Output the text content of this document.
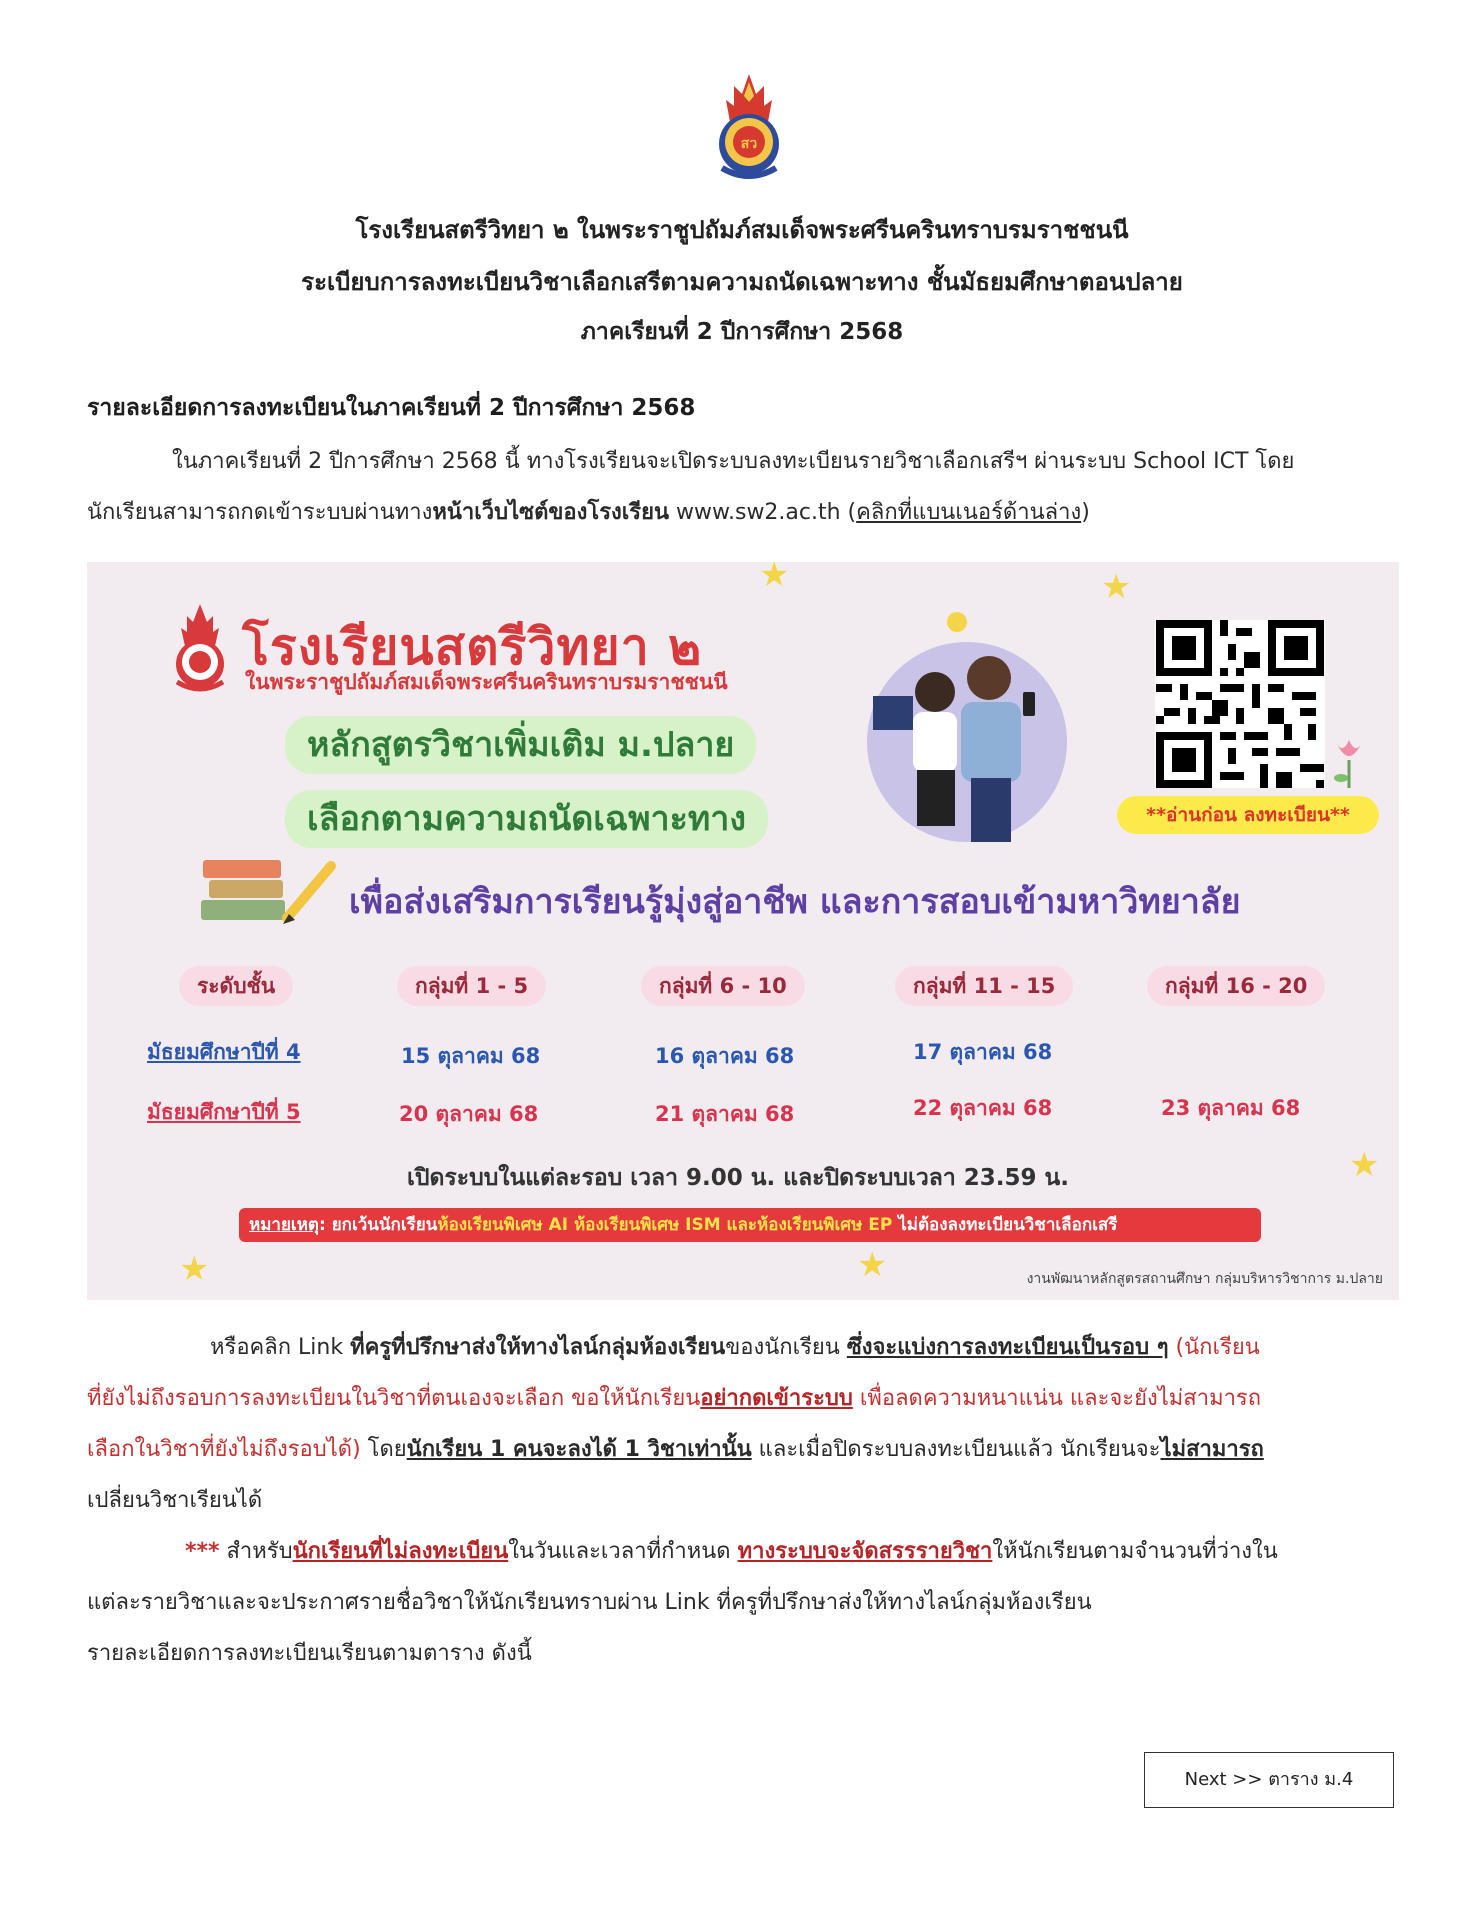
สว
โรงเรียนสตรีวิทยา ๒ ในพระราชูปถัมภ์สมเด็จพระศรีนครินทราบรมราชชนนี
ระเบียบการลงทะเบียนวิชาเลือกเสรีตามความถนัดเฉพาะทาง ชั้นมัธยมศึกษาตอนปลาย
ภาคเรียนที่ 2 ปีการศึกษา 2568
รายละเอียดการลงทะเบียนในภาคเรียนที่ 2 ปีการศึกษา 2568
ในภาคเรียนที่ 2 ปีการศึกษา 2568 นี้ ทางโรงเรียนจะเปิดระบบลงทะเบียนรายวิชาเลือกเสรีฯ ผ่านระบบ School ICT โดย
นักเรียนสามารถกดเข้าระบบผ่านทางหน้าเว็บไซต์ของโรงเรียน www.sw2.ac.th (คลิกที่แบนเนอร์ด้านล่าง)
★	★
★
★	★
โรงเรียนสตรีวิทยา ๒
ในพระราชูปถัมภ์สมเด็จพระศรีนครินทราบรมราชชนนี
หลักสูตรวิชาเพิ่มเติม ม.ปลาย
เลือกตามความถนัดเฉพาะทาง
เพื่อส่งเสริมการเรียนรู้มุ่งสู่อาชีพ และการสอบเข้ามหาวิทยาลัย
**อ่านก่อน ลงทะเบียน**
ระดับชั้น	กลุ่มที่ 1 - 5	กลุ่มที่ 6 - 10	กลุ่มที่ 11 - 15	กลุ่มที่ 16 - 20
มัธยมศึกษาปีที่ 4	15 ตุลาคม 68	16 ตุลาคม 68	17 ตุลาคม 68
มัธยมศึกษาปีที่ 5	20 ตุลาคม 68	21 ตุลาคม 68	22 ตุลาคม 68	23 ตุลาคม 68
เปิดระบบในแต่ละรอบ เวลา 9.00 น. และปิดระบบเวลา 23.59 น.
หมายเหตุ: ยกเว้นนักเรียนห้องเรียนพิเศษ AI ห้องเรียนพิเศษ ISM และห้องเรียนพิเศษ EP ไม่ต้องลงทะเบียนวิชาเลือกเสรี
งานพัฒนาหลักสูตรสถานศึกษา กลุ่มบริหารวิชาการ ม.ปลาย
หรือคลิก Link ที่ครูที่ปรึกษาส่งให้ทางไลน์กลุ่มห้องเรียนของนักเรียน ซึ่งจะแบ่งการลงทะเบียนเป็นรอบ ๆ (นักเรียน
ที่ยังไม่ถึงรอบการลงทะเบียนในวิชาที่ตนเองจะเลือก ขอให้นักเรียนอย่ากดเข้าระบบ เพื่อลดความหนาแน่น และจะยังไม่สามารถ
เลือกในวิชาที่ยังไม่ถึงรอบได้) โดยนักเรียน 1 คนจะลงได้ 1 วิชาเท่านั้น และเมื่อปิดระบบลงทะเบียนแล้ว นักเรียนจะไม่สามารถ
เปลี่ยนวิชาเรียนได้
*** สำหรับนักเรียนที่ไม่ลงทะเบียนในวันและเวลาที่กำหนด ทางระบบจะจัดสรรรายวิชาให้นักเรียนตามจำนวนที่ว่างใน
แต่ละรายวิชาและจะประกาศรายชื่อวิชาให้นักเรียนทราบผ่าน Link ที่ครูที่ปรึกษาส่งให้ทางไลน์กลุ่มห้องเรียน
รายละเอียดการลงทะเบียนเรียนตามตาราง ดังนี้
Next >> ตาราง ม.4
